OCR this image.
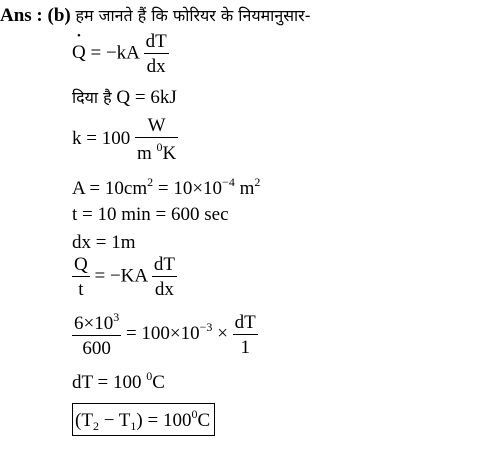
Ans : (b) हम जानते हैं कि फोरियर के नियमानुसार-
• $Q = -kA \frac{dT}{dx}$
दिया है Q = 6kJ
$k = 100 \frac{W}{m ^0K}$
$A = 10cm^2 = 10\times 10^{-4}$ $m^2$
t = 10 min = 600 sec
dx = 1m
$\frac{Q}{t} = -KA \frac{dT}{dx}$
$\frac{6\times 10^3}{600} = 100\times 10^{-3} \times \frac{dT}{1}$
dT = 100 $^0$C
$(T_2 - T_1) = 100^0C$
